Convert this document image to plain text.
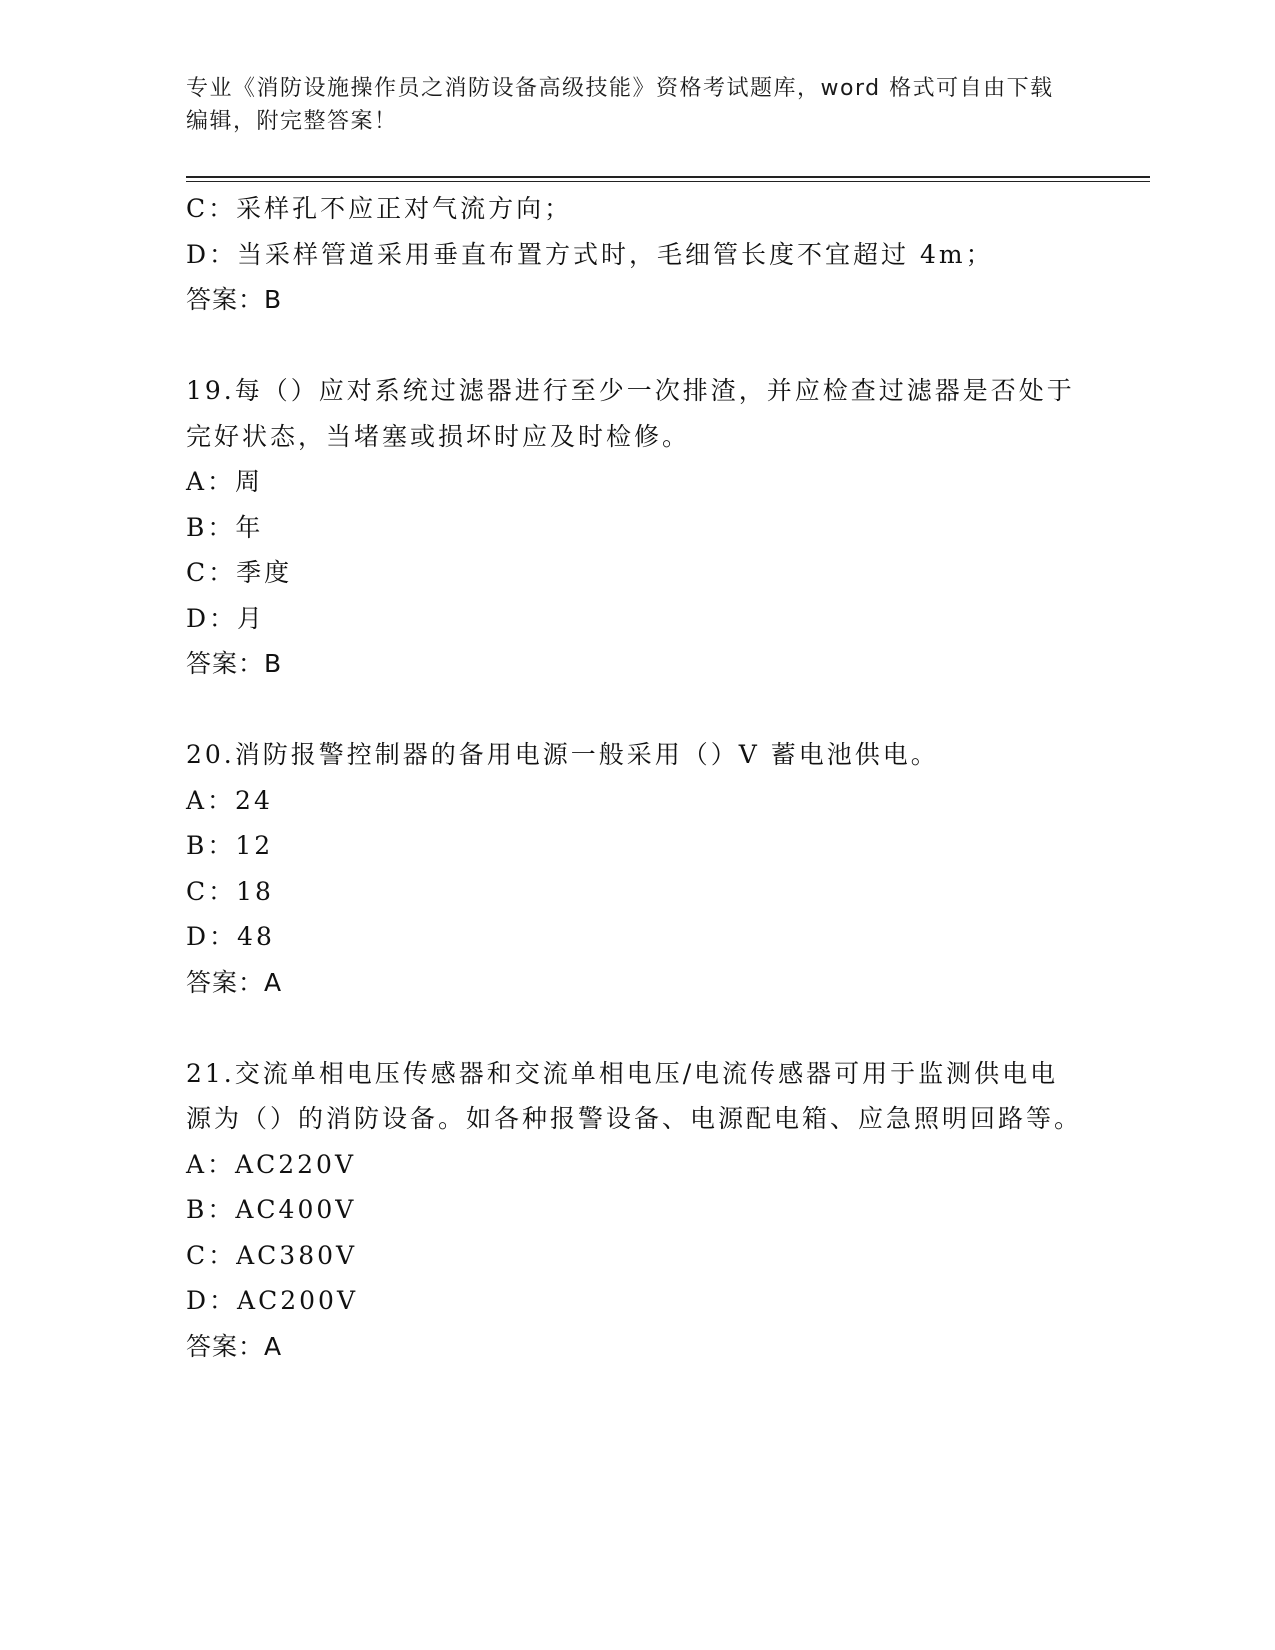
专业《消防设施操作员之消防设备高级技能》资格考试题库，word 格式可自由下载编辑，附完整答案！
C：采样孔不应正对气流方向；
D：当采样管道采用垂直布置方式时，毛细管长度不宜超过 4m；
答案：B
19.每（）应对系统过滤器进行至少一次排渣，并应检查过滤器是否处于完好状态，当堵塞或损坏时应及时检修。
A：周
B：年
C：季度
D：月
答案：B
20.消防报警控制器的备用电源一般采用（）V 蓄电池供电。
A：24
B：12
C：18
D：48
答案：A
21.交流单相电压传感器和交流单相电压/电流传感器可用于监测供电电源为（）的消防设备。如各种报警设备、电源配电箱、应急照明回路等。
A：AC220V
B：AC400V
C：AC380V
D：AC200V
答案：A
